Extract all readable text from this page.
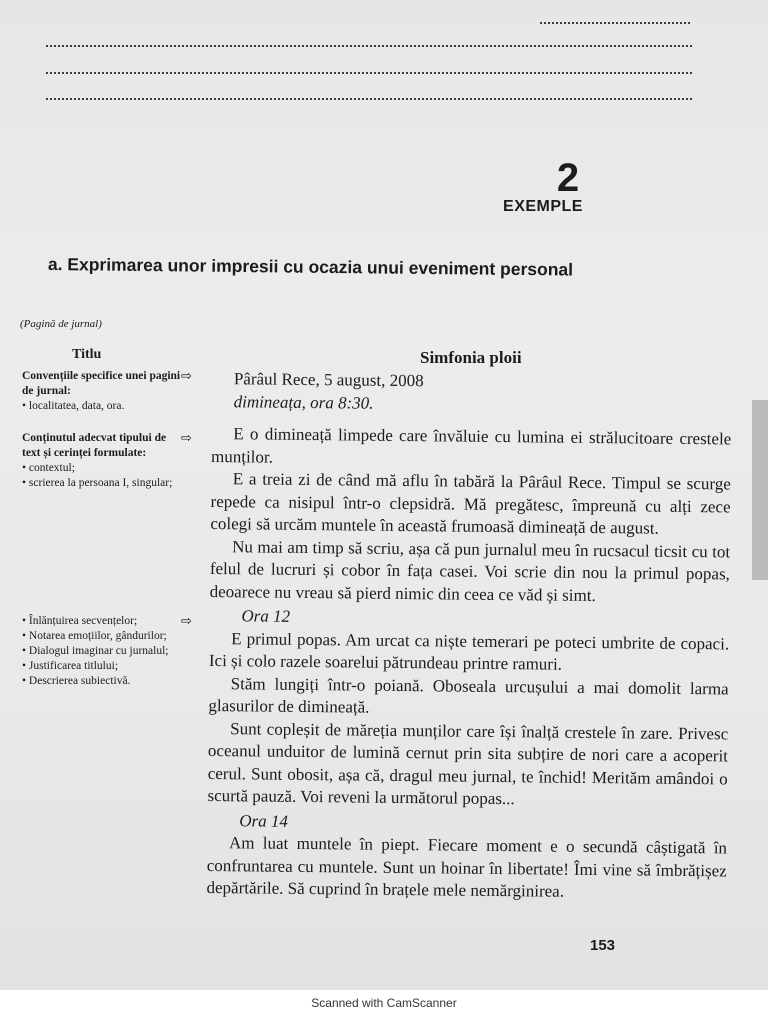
2
EXEMPLE
a. Exprimarea unor impresii cu ocazia unui eveniment personal
(Pagină de jurnal)
Titlu
Convențiile specifice unei pagini de jurnal:
• localitatea, data, ora.
⇨
Conținutul adecvat tipului de text și cerinței formulate:
• contextul;
• scrierea la persoana I, singular;
⇨
• Înlănțuirea secvențelor;
• Notarea emoțiilor, gândurilor;
• Dialogul imaginar cu jurnalul;
• Justificarea titlului;
• Descrierea subiectivă.
⇨
Simfonia ploii
Pârâul Rece, 5 august, 2008
dimineața, ora 8:30.

E o dimineață limpede care învăluie cu lumina ei strălucitoare crestele munților.

E a treia zi de când mă aflu în tabără la Pârâul Rece. Timpul se scurge repede ca nisipul într-o clepsidră. Mă pregătesc, împreună cu alți zece colegi să urcăm muntele în această frumoasă dimineață de august.

Nu mai am timp să scriu, așa că pun jurnalul meu în rucsacul ticsit cu tot felul de lucruri și cobor în fața casei. Voi scrie din nou la primul popas, deoarece nu vreau să pierd nimic din ceea ce văd și simt.

Ora 12

E primul popas. Am urcat ca niște temerari pe poteci umbrite de copaci. Ici și colo razele soarelui pătrundeau printre ramuri.

Stăm lungiți într-o poiană. Oboseala urcușului a mai domolit larma glasurilor de dimineață.

Sunt copleșit de măreția munților care își înalță crestele în zare. Privesc oceanul unduitor de lumină cernut prin sita subțire de nori care a acoperit cerul. Sunt obosit, așa că, dragul meu jurnal, te închid! Merităm amândoi o scurtă pauză. Voi reveni la următorul popas...

Ora 14

Am luat muntele în piept. Fiecare moment e o secundă câștigată în confruntarea cu muntele. Sunt un hoinar în libertate! Îmi vine să îmbrățișez depărtările. Să cuprind în brațele mele nemărginirea.

153
Scanned with CamScanner
